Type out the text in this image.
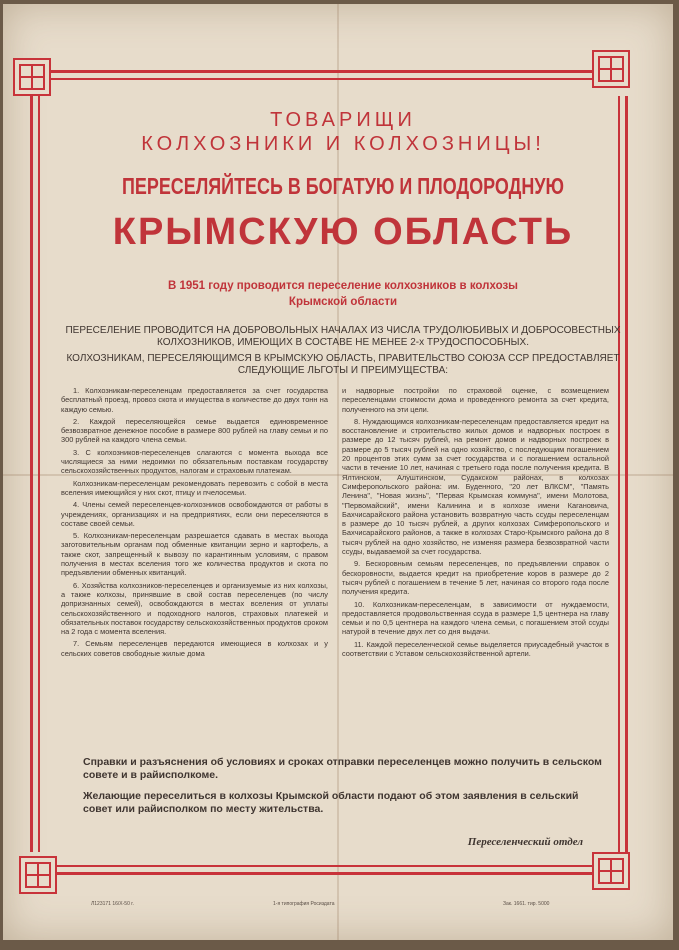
ТОВАРИЩИ
КОЛХОЗНИКИ И КОЛХОЗНИЦЫ!
ПЕРЕСЕЛЯЙТЕСЬ В БОГАТУЮ И ПЛОДОРОДНУЮ
КРЫМСКУЮ ОБЛАСТЬ
В 1951 году проводится переселение колхозников в колхозы
Крымской области

ПЕРЕСЕЛЕНИЕ ПРОВОДИТСЯ НА ДОБРОВОЛЬНЫХ НАЧАЛАХ ИЗ ЧИСЛА ТРУДОЛЮБИВЫХ И ДОБРОСОВЕСТНЫХ КОЛХОЗНИКОВ, ИМЕЮЩИХ В СОСТАВЕ НЕ МЕНЕЕ 2-х ТРУДОСПОСОБНЫХ.

КОЛХОЗНИКАМ, ПЕРЕСЕЛЯЮЩИМСЯ В КРЫМСКУЮ ОБЛАСТЬ, ПРАВИТЕЛЬСТВО СОЮЗА ССР ПРЕДОСТАВЛЯЕТ СЛЕДУЮЩИЕ ЛЬГОТЫ И ПРЕИМУЩЕСТВА:

1. Колхозникам-переселенцам предоставляется за счет государства бесплатный проезд, провоз скота и имущества в количестве до двух тонн на каждую семью.

2. Каждой переселяющейся семье выдается единовременное безвозвратное денежное пособие в размере 800 рублей на главу семьи и по 300 рублей на каждого члена семьи.

3. С колхозников-переселенцев слагаются с момента выхода все числящиеся за ними недоимки по обязательным поставкам государству сельскохозяйственных продуктов, налогам и страховым платежам.

Колхозникам-переселенцам рекомендовать перевозить с собой в места вселения имеющийся у них скот, птицу и пчелосемьи.

4. Члены семей переселенцев-колхозников освобождаются от работы в учреждениях, организациях и на предприятиях, если они переселяются в составе своей семьи.

5. Колхозникам-переселенцам разрешается сдавать в местах выхода заготовительным органам под обменные квитанции зерно и картофель, а также скот, запрещенный к вывозу по карантинным условиям, с правом получения в местах вселения того же количества продуктов и скота по предъявлении обменных квитанций.

6. Хозяйства колхозников-переселенцев и организуемые из них колхозы, а также колхозы, принявшие в свой состав переселенцев (по числу допризнанных семей), освобождаются в местах вселения от уплаты сельскохозяйственного и подоходного налогов, страховых платежей и обязательных поставок государству сельскохозяйственных продуктов сроком на 2 года с момента вселения.

7. Семьям переселенцев передаются имеющиеся в колхозах и у сельских советов свободные жилые дома

и надворные постройки по страховой оценке, с возмещением переселенцами стоимости дома и проведенного ремонта за счет кредита, полученного на эти цели.

8. Нуждающимся колхозникам-переселенцам предоставляется кредит на восстановление и строительство жилых домов и надворных построек в размере до 12 тысяч рублей, на ремонт домов и надворных построек в размере до 5 тысяч рублей на одно хозяйство, с последующим погашением 20 процентов этих сумм за счет государства и с погашением остальной части в течение 10 лет, начиная с третьего года после получения кредита. В Ялтинском, Алуштинском, Судакском районах, в колхозах Симферопольского района: им. Буденного, "20 лет ВЛКСМ", "Память Ленина", "Новая жизнь", "Первая Крымская коммуна", имени Молотова, "Первомайский", имени Калинина и в колхозе имени Кагановича, Бахчисарайского района установить возвратную часть ссуды переселенцам в размере до 10 тысяч рублей, а других колхозах Симферопольского и Бахчисарайского районов, а также в колхозах Старо-Крымского района до 8 тысяч рублей на одно хозяйство, не изменяя размера безвозвратной части ссуды, выдаваемой за счет государства.

9. Бескоровным семьям переселенцев, по предъявлении справок о бескоровности, выдается кредит на приобретение коров в размере до 2 тысяч рублей с погашением в течение 5 лет, начиная со второго года после получения кредита.

10. Колхозникам-переселенцам, в зависимости от нуждаемости, предоставляется продовольственная ссуда в размере 1,5 центнера на главу семьи и по 0,5 центнера на каждого члена семьи, с погашением этой ссуды натурой в течение двух лет со дня выдачи.

11. Каждой переселенческой семье выделяется приусадебный участок в соответствии с Уставом сельскохозяйственной артели.

Справки и разъяснения об условиях и сроках отправки переселенцев можно получить в сельском совете и в райисполкоме.
Желающие переселиться в колхозы Крымской области подают об этом заявления в сельский совет или райисполком по месту жительства.
Переселенческий отдел
Л123171 16/X-50 г.	1-я типография Росиздата	Зак. 1661. тир. 5000
